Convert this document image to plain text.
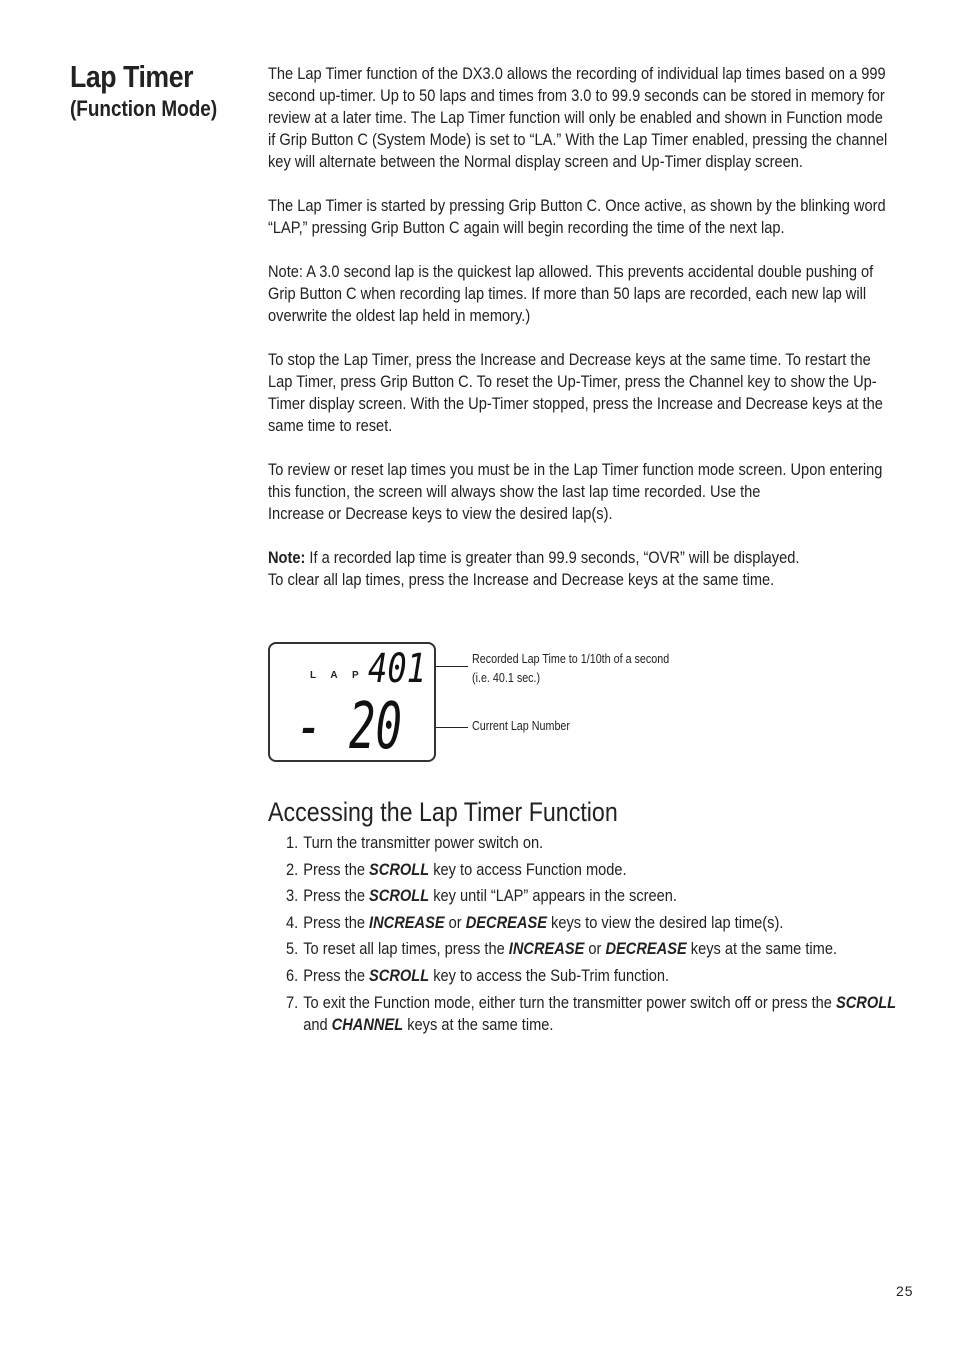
Lap Timer
(Function Mode)

The Lap Timer function of the DX3.0 allows the recording of individual lap times based on a 999 second up-timer. Up to 50 laps and times from 3.0 to 99.9 seconds can be stored in memory for review at a later time. The Lap Timer function will only be enabled and shown in Function mode if Grip Button C (System Mode) is set to “LA.” With the Lap Timer enabled, pressing the channel key will alternate between the Normal display screen and Up-Timer display screen.

The Lap Timer is started by pressing Grip Button C. Once active, as shown by the blinking word “LAP,” pressing Grip Button C again will begin recording the time of the next lap.

Note: A 3.0 second lap is the quickest lap allowed. This prevents accidental double pushing of Grip Button C when recording lap times. If more than 50 laps are recorded, each new lap will overwrite the oldest lap held in memory.)

To stop the Lap Timer, press the Increase and Decrease keys at the same time. To restart the Lap Timer, press Grip Button C. To reset the Up-Timer, press the Channel key to show the Up-Timer display screen. With the Up-Timer stopped, press the Increase and Decrease keys at the same time to reset.

To review or reset lap times you must be in the Lap Timer function mode screen. Upon entering this function, the screen will always show the last lap time recorded. Use the
Increase or Decrease keys to view the desired lap(s).

Note: If a recorded lap time is greater than 99.9 seconds, “OVR” will be displayed.
To clear all lap times, press the Increase and Decrease keys at the same time.

L A P 401
- 20
Recorded Lap Time to 1/10th of a second
(i.e. 40.1 sec.)
Current Lap Number
Accessing the Lap Timer Function
1. Turn the transmitter power switch on.
2. Press the SCROLL key to access Function mode.
3. Press the SCROLL key until “LAP” appears in the screen.
4. Press the INCREASE or DECREASE keys to view the desired lap time(s).
5. To reset all lap times, press the INCREASE or DECREASE keys at the same time.
6. Press the SCROLL key to access the Sub-Trim function.
7. To exit the Function mode, either turn the transmitter power switch off or press the SCROLL and CHANNEL keys at the same time.
25
